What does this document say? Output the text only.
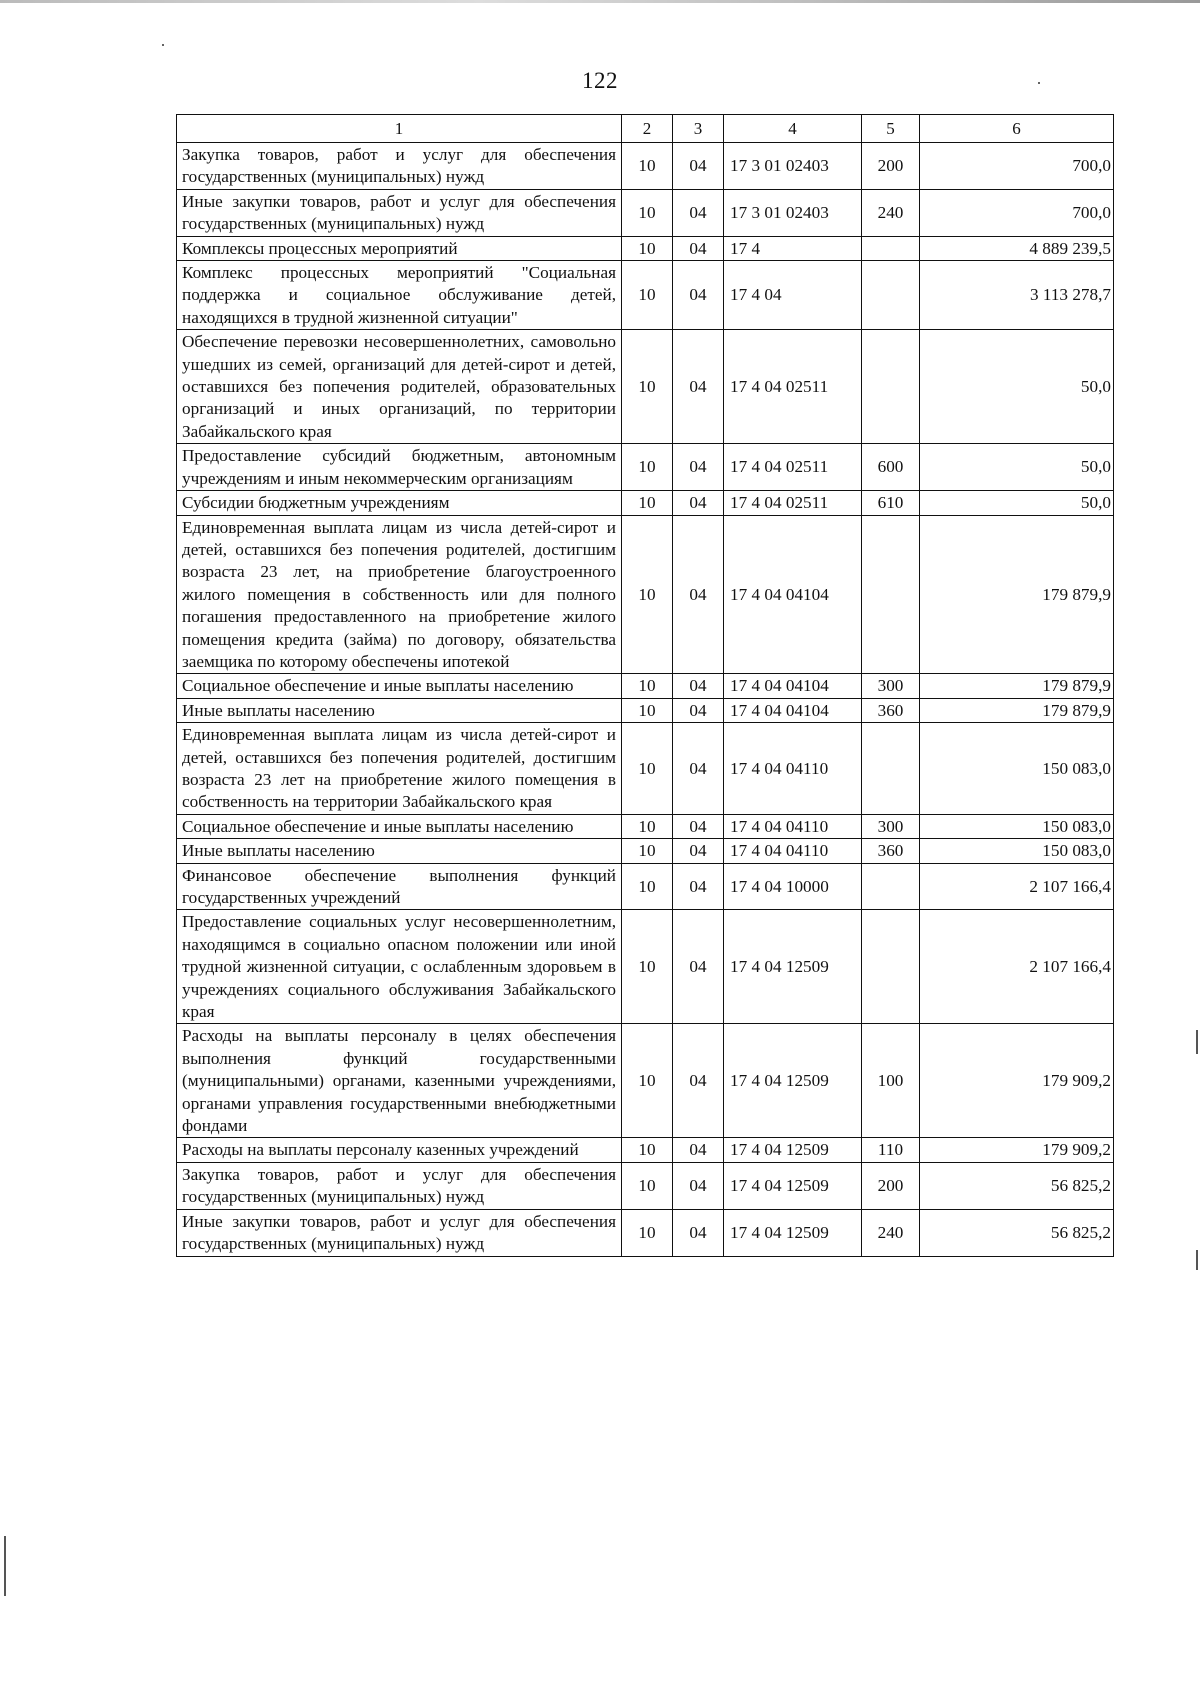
122
1	2	3	4	5	6
Закупка товаров, работ и услуг для обеспечения государственных (муниципальных) нужд	10	04	17 3 01 02403	200	700,0
Иные закупки товаров, работ и услуг для обеспечения государственных (муниципальных) нужд	10	04	17 3 01 02403	240	700,0
Комплексы процессных мероприятий	10	04	17 4		4 889 239,5
Комплекс процессных мероприятий "Социальная поддержка и социальное обслуживание детей, находящихся в трудной жизненной ситуации"	10	04	17 4 04		3 113 278,7
Обеспечение перевозки несовершеннолетних, самовольно ушедших из семей, организаций для детей-сирот и детей, оставшихся без попечения родителей, образовательных организаций и иных организаций, по территории Забайкальского края	10	04	17 4 04 02511		50,0
Предоставление субсидий бюджетным, автономным учреждениям и иным некоммерческим организациям	10	04	17 4 04 02511	600	50,0
Субсидии бюджетным учреждениям	10	04	17 4 04 02511	610	50,0
Единовременная выплата лицам из числа детей-сирот и детей, оставшихся без попечения родителей, достигшим возраста 23 лет, на приобретение благоустроенного жилого помещения в собственность или для полного погашения предоставленного на приобретение жилого помещения кредита (займа) по договору, обязательства заемщика по которому обеспечены ипотекой	10	04	17 4 04 04104		179 879,9
Социальное обеспечение и иные выплаты населению	10	04	17 4 04 04104	300	179 879,9
Иные выплаты населению	10	04	17 4 04 04104	360	179 879,9
Единовременная выплата лицам из числа детей-сирот и детей, оставшихся без попечения родителей, достигшим возраста 23 лет на приобретение жилого помещения в собственность на территории Забайкальского края	10	04	17 4 04 04110		150 083,0
Социальное обеспечение и иные выплаты населению	10	04	17 4 04 04110	300	150 083,0
Иные выплаты населению	10	04	17 4 04 04110	360	150 083,0
Финансовое обеспечение выполнения функций государственных учреждений	10	04	17 4 04 10000		2 107 166,4
Предоставление социальных услуг несовершеннолетним, находящимся в социально опасном положении или иной трудной жизненной ситуации, с ослабленным здоровьем в учреждениях социального обслуживания Забайкальского края	10	04	17 4 04 12509		2 107 166,4
Расходы на выплаты персоналу в целях обеспечения выполнения функций государственными (муниципальными) органами, казенными учреждениями, органами управления государственными внебюджетными фондами	10	04	17 4 04 12509	100	179 909,2
Расходы на выплаты персоналу казенных учреждений	10	04	17 4 04 12509	110	179 909,2
Закупка товаров, работ и услуг для обеспечения государственных (муниципальных) нужд	10	04	17 4 04 12509	200	56 825,2
Иные закупки товаров, работ и услуг для обеспечения государственных (муниципальных) нужд	10	04	17 4 04 12509	240	56 825,2
